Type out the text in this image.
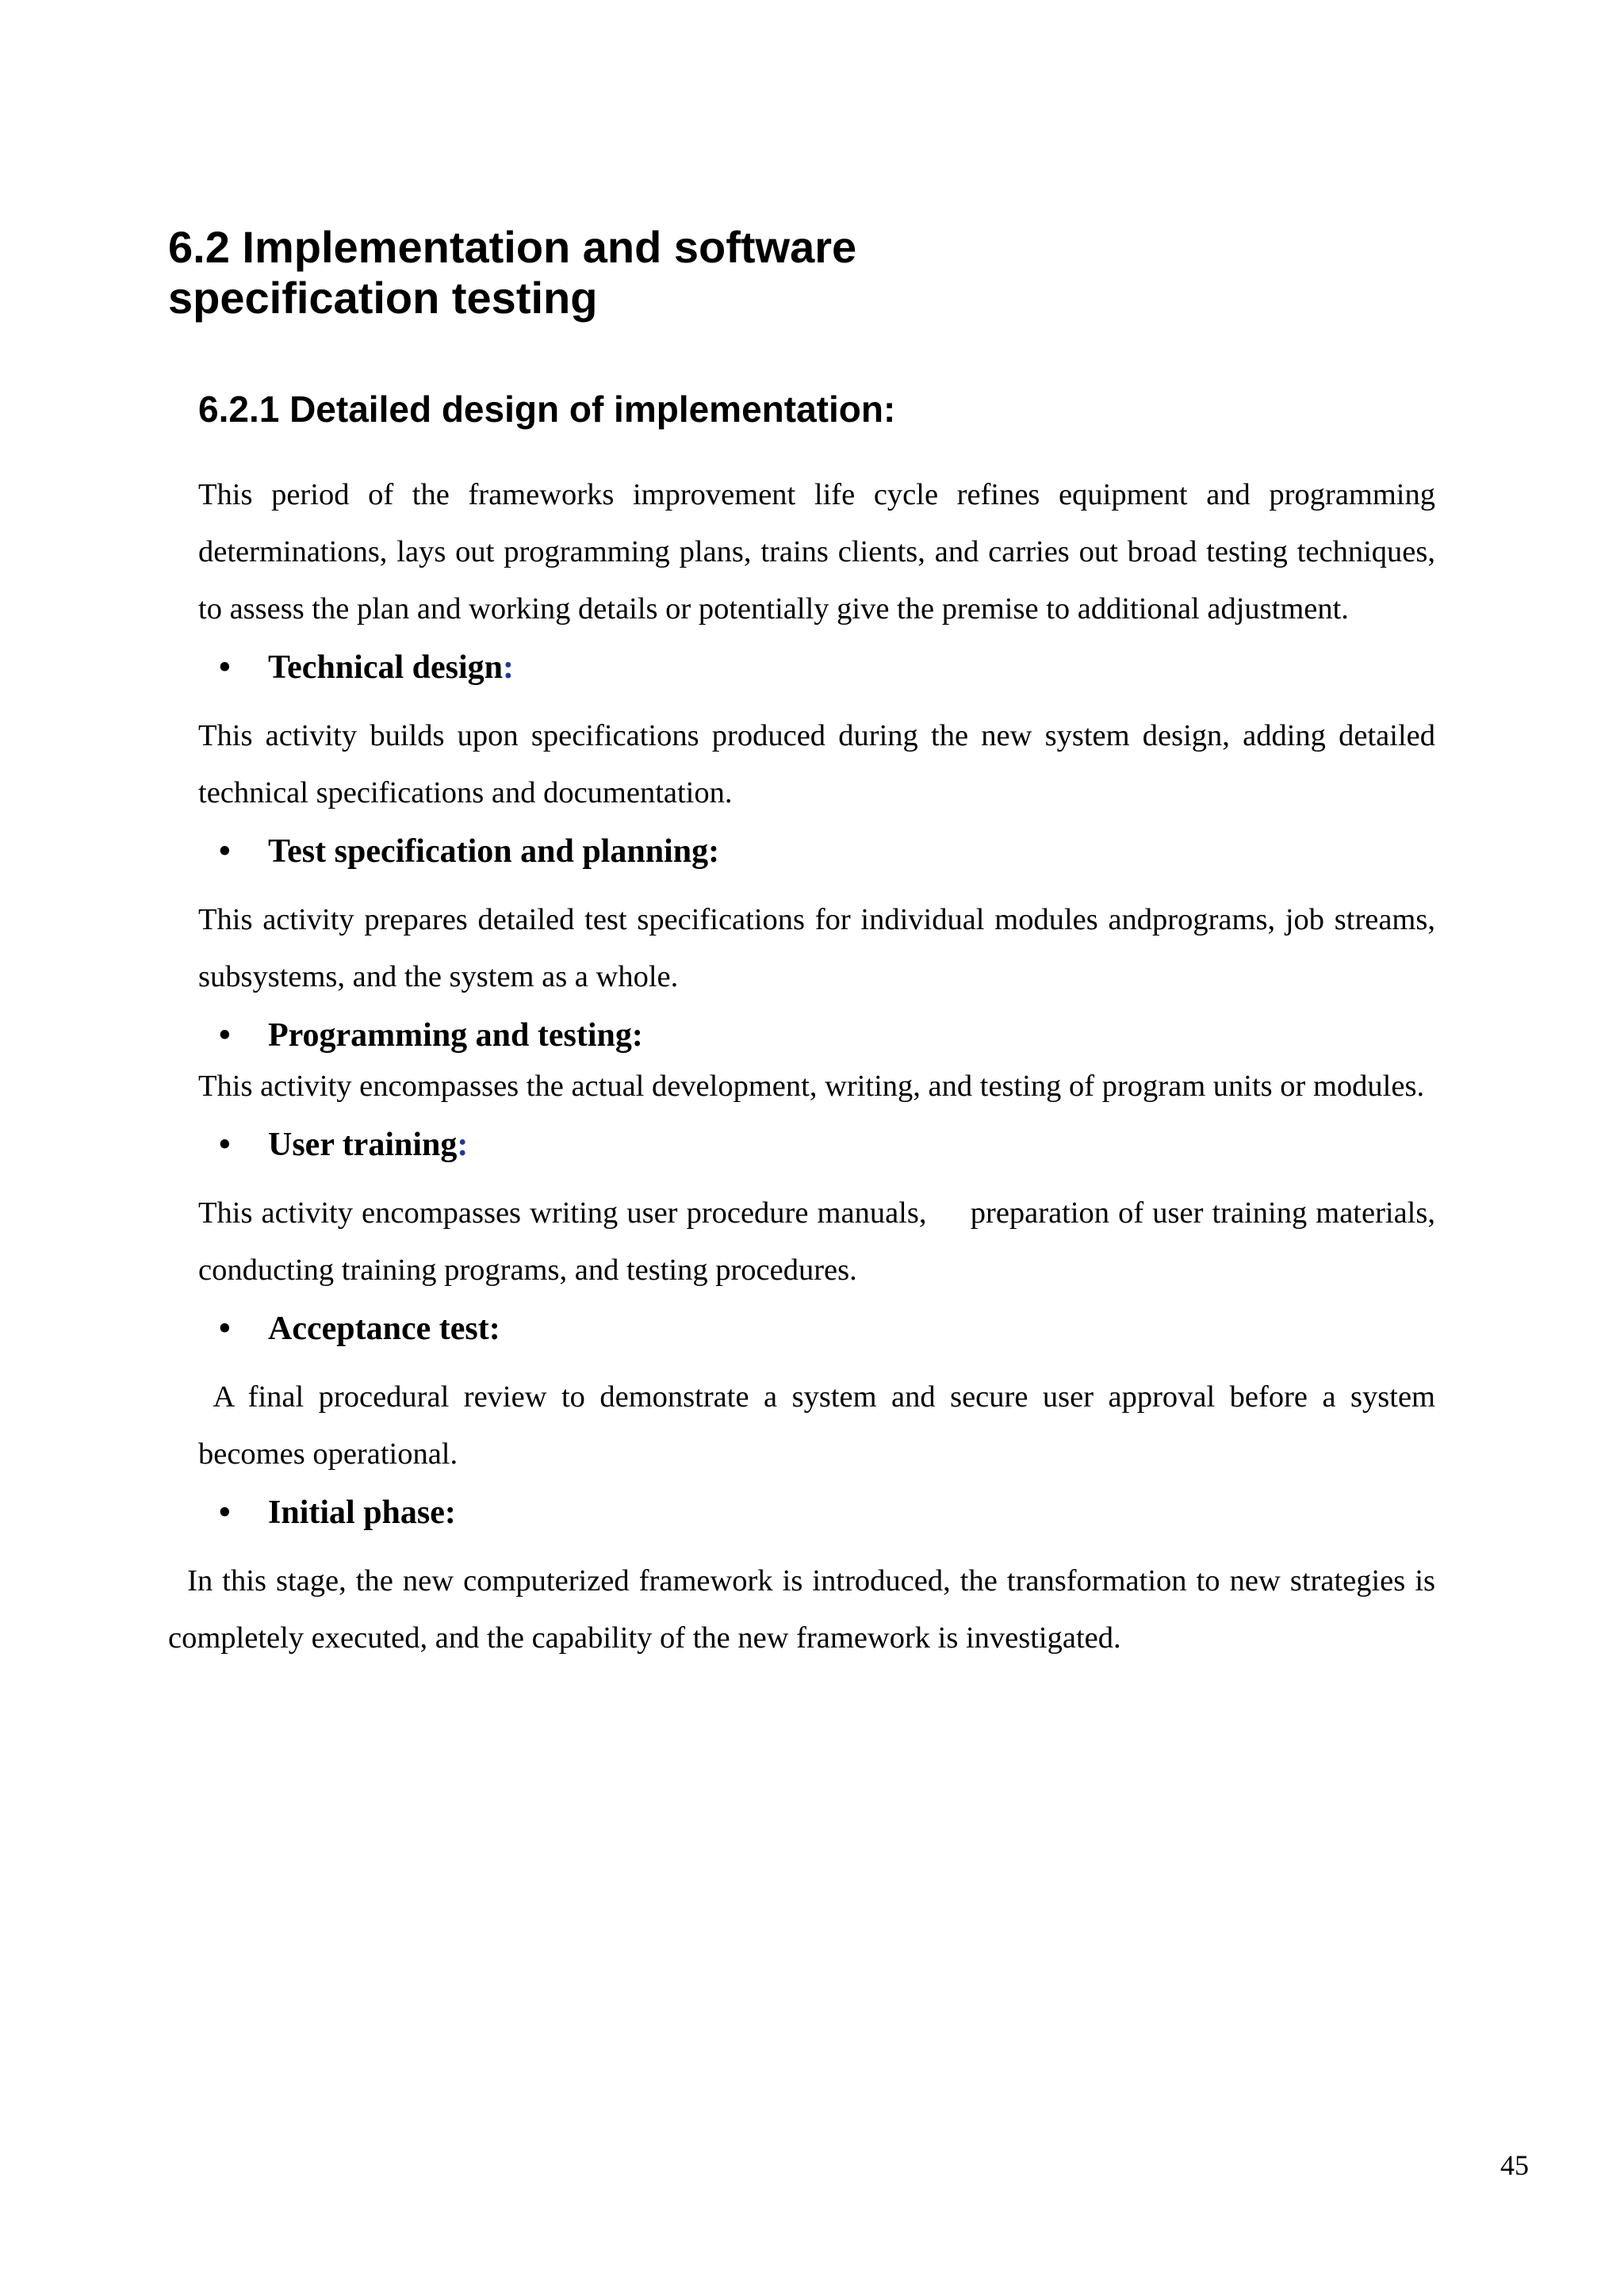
6.2 Implementation and software
specification testing
6.2.1 Detailed design of implementation:

This period of the frameworks improvement life cycle refines equipment and programming determinations, lays out programming plans, trains clients, and carries out broad testing techniques, to assess the plan and working details or potentially give the premise to additional adjustment.

• Technical design:

This activity builds upon specifications produced during the new system design, adding detailed technical specifications and documentation.

• Test specification and planning:

This activity prepares detailed test specifications for individual modules andprograms, job streams, subsystems, and the system as a whole.

• Programming and testing:

This activity encompasses the actual development, writing, and testing of program units or modules.

• User training:

This activity encompasses writing user procedure manuals,     preparation of user training materials, conducting training programs, and testing procedures.

• Acceptance test:

A final procedural review to demonstrate a system and secure user approval before a system becomes operational.

• Initial phase:

In this stage, the new computerized framework is introduced, the transformation to new strategies is completely executed, and the capability of the new framework is investigated.

45
